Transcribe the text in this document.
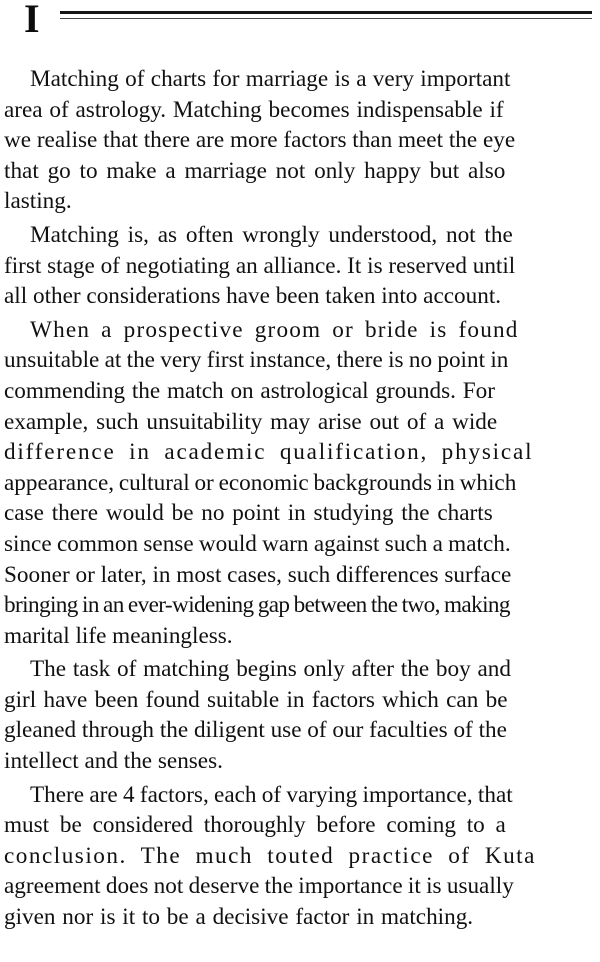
I

Matching of charts for marriage is a very important
area of astrology. Matching becomes indispensable if
we realise that there are more factors than meet the eye
that go to make a marriage not only happy but also
lasting.

Matching is, as often wrongly understood, not the
first stage of negotiating an alliance. It is reserved until
all other considerations have been taken into account.

When a prospective groom or bride is found
unsuitable at the very first instance, there is no point in
commending the match on astrological grounds. For
example, such unsuitability may arise out of a wide
difference in academic qualification, physical
appearance, cultural or economic backgrounds in which
case there would be no point in studying the charts
since common sense would warn against such a match.
Sooner or later, in most cases, such differences surface
bringing in an ever-widening gap between the two, making
marital life meaningless.

The task of matching begins only after the boy and
girl have been found suitable in factors which can be
gleaned through the diligent use of our faculties of the
intellect and the senses.

There are 4 factors, each of varying importance, that
must be considered thoroughly before coming to a
conclusion. The much touted practice of Kuta
agreement does not deserve the importance it is usually
given nor is it to be a decisive factor in matching.
